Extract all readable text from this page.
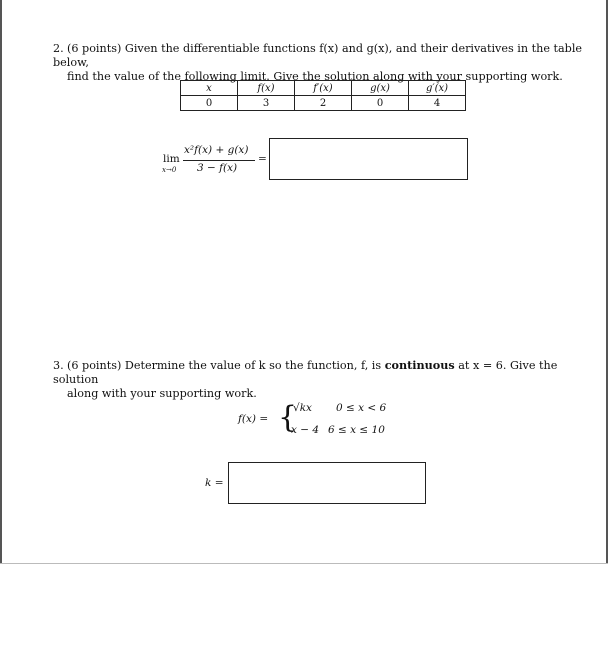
2. (6 points) Given the differentiable functions f(x) and g(x), and their derivatives in the table below,
find the value of the following limit. Give the solution along with your supporting work.
x	f(x)	f′(x)	g(x)	g′(x)
0	3	2	0	4
lim
x→0
x²f(x) + g(x)
3 − f(x)
=
3. (6 points) Determine the value of k so the function, f, is continuous at x = 6. Give the solution
along with your supporting work.
f(x) = {
√kx 0 ≤ x < 6
x − 4 6 ≤ x ≤ 10
k =
